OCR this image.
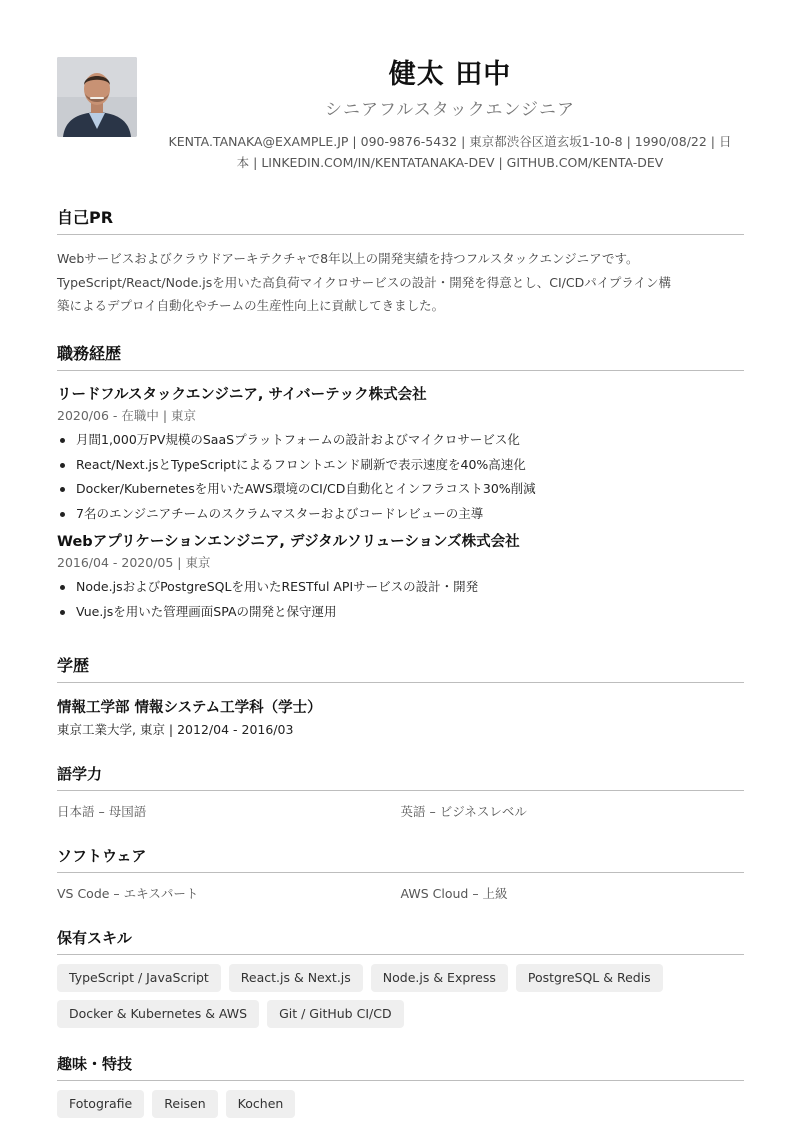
健太 田中
シニアフルスタックエンジニア
KENTA.TANAKA@EXAMPLE.JP | 090-9876-5432 | 東京都渋谷区道玄坂1-10-8 | 1990/08/22 | 日
本 | LINKEDIN.COM/IN/KENTATANAKA-DEV | GITHUB.COM/KENTA-DEV
自己PR
Webサービスおよびクラウドアーキテクチャで8年以上の開発実績を持つフルスタックエンジニアです。
TypeScript/React/Node.jsを用いた高負荷マイクロサービスの設計・開発を得意とし、CI/CDパイプライン構
築によるデプロイ自動化やチームの生産性向上に貢献してきました。
職務経歴
リードフルスタックエンジニア, サイバーテック株式会社
2020/06 - 在職中 | 東京
月間1,000万PV規模のSaaSプラットフォームの設計およびマイクロサービス化
React/Next.jsとTypeScriptによるフロントエンド刷新で表示速度を40%高速化
Docker/Kubernetesを用いたAWS環境のCI/CD自動化とインフラコスト30%削減
7名のエンジニアチームのスクラムマスターおよびコードレビューの主導
Webアプリケーションエンジニア, デジタルソリューションズ株式会社
2016/04 - 2020/05 | 東京
Node.jsおよびPostgreSQLを用いたRESTful APIサービスの設計・開発
Vue.jsを用いた管理画面SPAの開発と保守運用
学歴
情報工学部 情報システム工学科（学士）
東京工業大学, 東京 | 2012/04 - 2016/03
語学力
日本語 – 母国語	英語 – ビジネスレベル
ソフトウェア
VS Code – エキスパート	AWS Cloud – 上級
保有スキル
TypeScript / JavaScript	React.js & Next.js	Node.js & Express	PostgreSQL & Redis
Docker & Kubernetes & AWS	Git / GitHub CI/CD
趣味・特技
Fotografie	Reisen	Kochen
